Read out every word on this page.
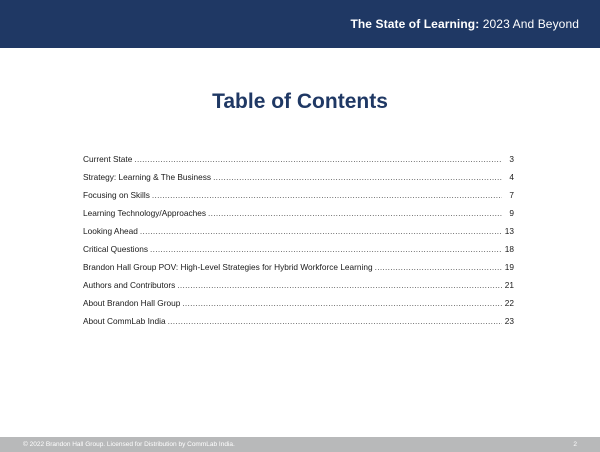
The State of Learning: 2023 And Beyond
Table of Contents
Current State .....	3
Strategy: Learning & The Business .....	4
Focusing on Skills .....	7
Learning Technology/Approaches .....	9
Looking Ahead .....	13
Critical Questions .....	18
Brandon Hall Group POV: High-Level Strategies for Hybrid Workforce Learning .....	19
Authors and Contributors .....	21
About Brandon Hall Group .....	22
About CommLab India .....	23
© 2022 Brandon Hall Group. Licensed for Distribution by CommLab India.	2
